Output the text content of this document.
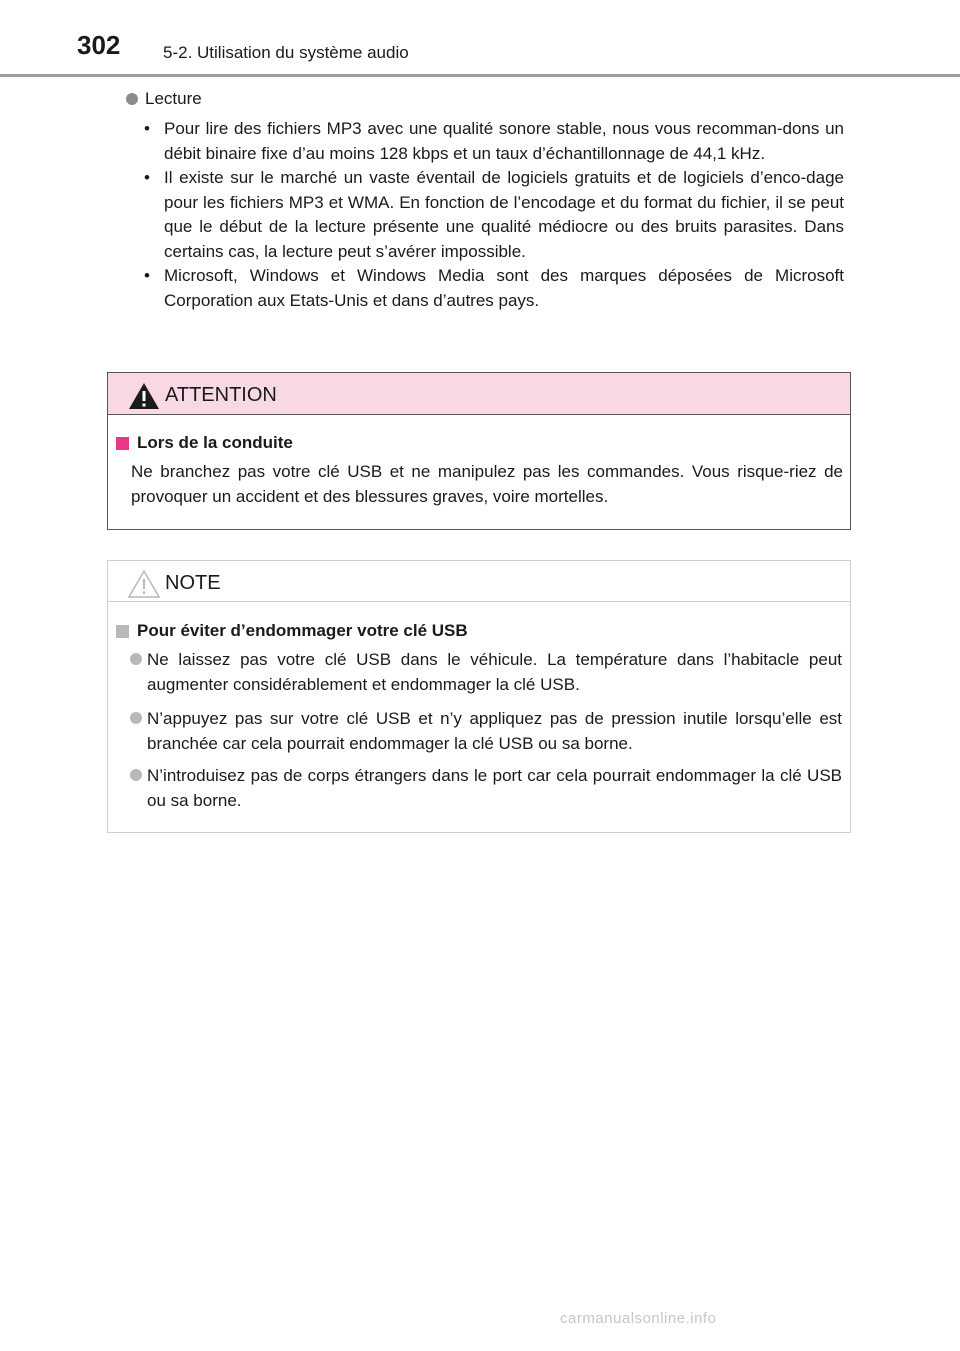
302	5-2. Utilisation du système audio
Lecture
• Pour lire des fichiers MP3 avec une qualité sonore stable, nous vous recomman-dons un débit binaire fixe d’au moins 128 kbps et un taux d’échantillonnage de 44,1 kHz.
• Il existe sur le marché un vaste éventail de logiciels gratuits et de logiciels d’enco-dage pour les fichiers MP3 et WMA. En fonction de l’encodage et du format du fichier, il se peut que le début de la lecture présente une qualité médiocre ou des bruits parasites. Dans certains cas, la lecture peut s’avérer impossible.
• Microsoft, Windows et Windows Media sont des marques déposées de Microsoft Corporation aux Etats-Unis et dans d’autres pays.
ATTENTION
Lors de la conduite
Ne branchez pas votre clé USB et ne manipulez pas les commandes. Vous risque-riez de provoquer un accident et des blessures graves, voire mortelles.
NOTE
Pour éviter d’endommager votre clé USB
Ne laissez pas votre clé USB dans le véhicule. La température dans l’habitacle peut augmenter considérablement et endommager la clé USB.
N’appuyez pas sur votre clé USB et n’y appliquez pas de pression inutile lorsqu’elle est branchée car cela pourrait endommager la clé USB ou sa borne.
N’introduisez pas de corps étrangers dans le port car cela pourrait endommager la clé USB ou sa borne.
carmanualsonline.info
